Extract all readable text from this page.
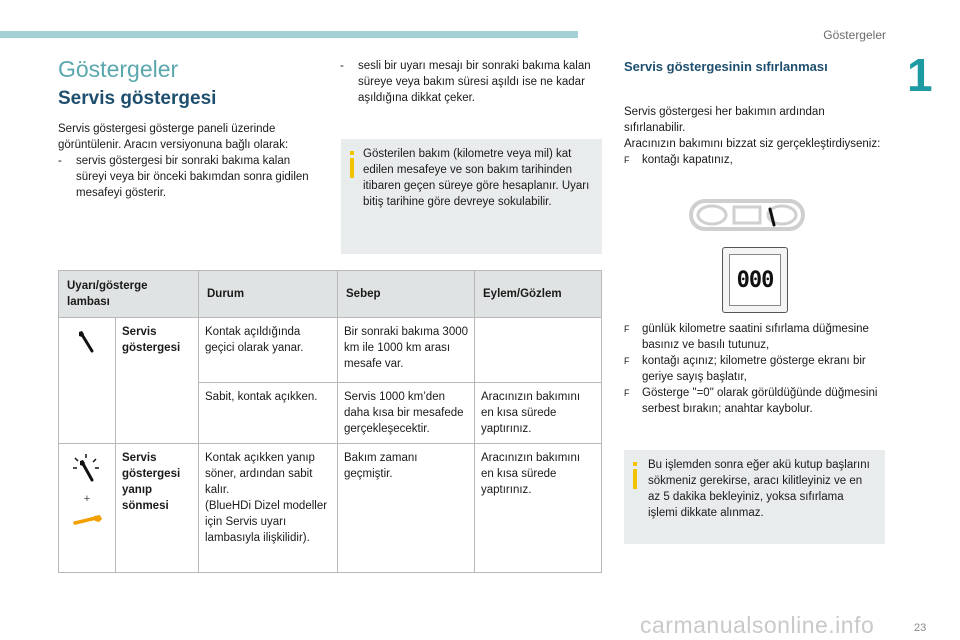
Göstergeler
1
Göstergeler
Servis göstergesi
Servis göstergesi gösterge paneli üzerinde görüntülenir. Aracın versiyonuna bağlı olarak:
- servis göstergesi bir sonraki bakıma kalan süreyi veya bir önceki bakımdan sonra gidilen mesafeyi gösterir.
- sesli bir uyarı mesajı bir sonraki bakıma kalan süreye veya bakım süresi aşıldı ise ne kadar aşıldığına dikkat çeker.
Gösterilen bakım (kilometre veya mil) kat edilen mesafeye ve son bakım tarihinden itibaren geçen süreye göre hesaplanır. Uyarı bitiş tarihine göre devreye sokulabilir.
Uyarı/gösterge lambası		Durum	Sebep	Eylem/Gözlem
	Servis göstergesi	Kontak açıldığında geçici olarak yanar.	Bir sonraki bakıma 3000 km ile 1000 km arası mesafe var.	
		Sabit, kontak açıkken.	Servis 1000 km’den daha kısa bir mesafede gerçekleşecektir.	Aracınızın bakımını en kısa sürede yaptırınız.

+	Servis göstergesi yanıp sönmesi	Kontak açıkken yanıp söner, ardından sabit kalır.
(BlueHDi Dizel modeller için Servis uyarı lambasıyla ilişkilidir).	Bakım zamanı geçmiştir.	Aracınızın bakımını en kısa sürede yaptırınız.
Servis göstergesinin sıfırlanması
Servis göstergesi her bakımın ardından sıfırlanabilir.
Aracınızın bakımını bizzat siz gerçekleştirdiyseniz:
F kontağı kapatınız,
000
F günlük kilometre saatini sıfırlama düğmesine basınız ve basılı tutunuz,
F kontağı açınız; kilometre gösterge ekranı bir geriye sayış başlatır,
F Gösterge "=0" olarak görüldüğünde düğmesini serbest bırakın; anahtar kaybolur.
Bu işlemden sonra eğer akü kutup başlarını sökmeniz gerekirse, aracı kilitleyiniz ve en az 5 dakika bekleyiniz, yoksa sıfırlama işlemi dikkate alınmaz.
carmanualsonline.info	23
